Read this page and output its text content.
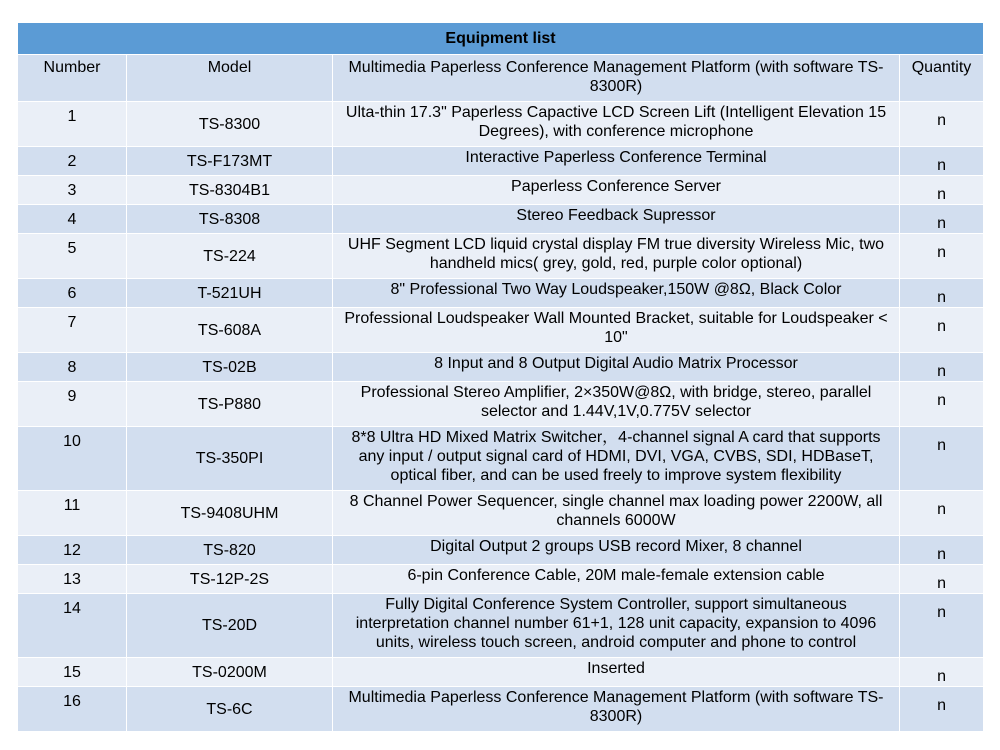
Equipment list			
Number	Model	Multimedia Paperless Conference Management Platform (with software TS-8300R)	Quantity
1	TS-8300	Ulta-thin 17.3" Paperless Capactive LCD Screen Lift (Intelligent Elevation 15 Degrees), with conference microphone	n
2	TS-F173MT	Interactive Paperless Conference Terminal	n
3	TS-8304B1	Paperless Conference Server	n
4	TS-8308	Stereo Feedback Supressor	n
5	TS-224	UHF Segment LCD liquid crystal display FM true diversity Wireless Mic, two handheld mics( grey, gold, red, purple color optional)	n
6	T-521UH	8" Professional Two Way Loudspeaker,150W @8Ω, Black Color	n
7	TS-608A	Professional Loudspeaker Wall Mounted Bracket, suitable for Loudspeaker < 10"	n
8	TS-02B	8 Input and 8 Output Digital Audio Matrix Processor	n
9	TS-P880	Professional Stereo Amplifier, 2×350W@8Ω, with bridge, stereo, parallel selector and 1.44V,1V,0.775V selector	n
10	TS-350PI	8*8 Ultra HD Mixed Matrix Switcher，4-channel signal A card that supports any input / output signal card of HDMI, DVI, VGA, CVBS, SDI, HDBaseT, optical fiber, and can be used freely to improve system flexibility	n
11	TS-9408UHM	8 Channel Power Sequencer, single channel max loading power 2200W, all channels 6000W	n
12	TS-820	Digital Output 2 groups USB record Mixer, 8 channel	n
13	TS-12P-2S	6-pin Conference Cable, 20M male-female extension cable	n
14	TS-20D	Fully Digital Conference System Controller, support simultaneous interpretation channel number 61+1, 128 unit capacity, expansion to 4096 units, wireless touch screen, android computer and phone to control	n
15	TS-0200M	Inserted	n
16	TS-6C	Multimedia Paperless Conference Management Platform (with software TS-8300R)	n
